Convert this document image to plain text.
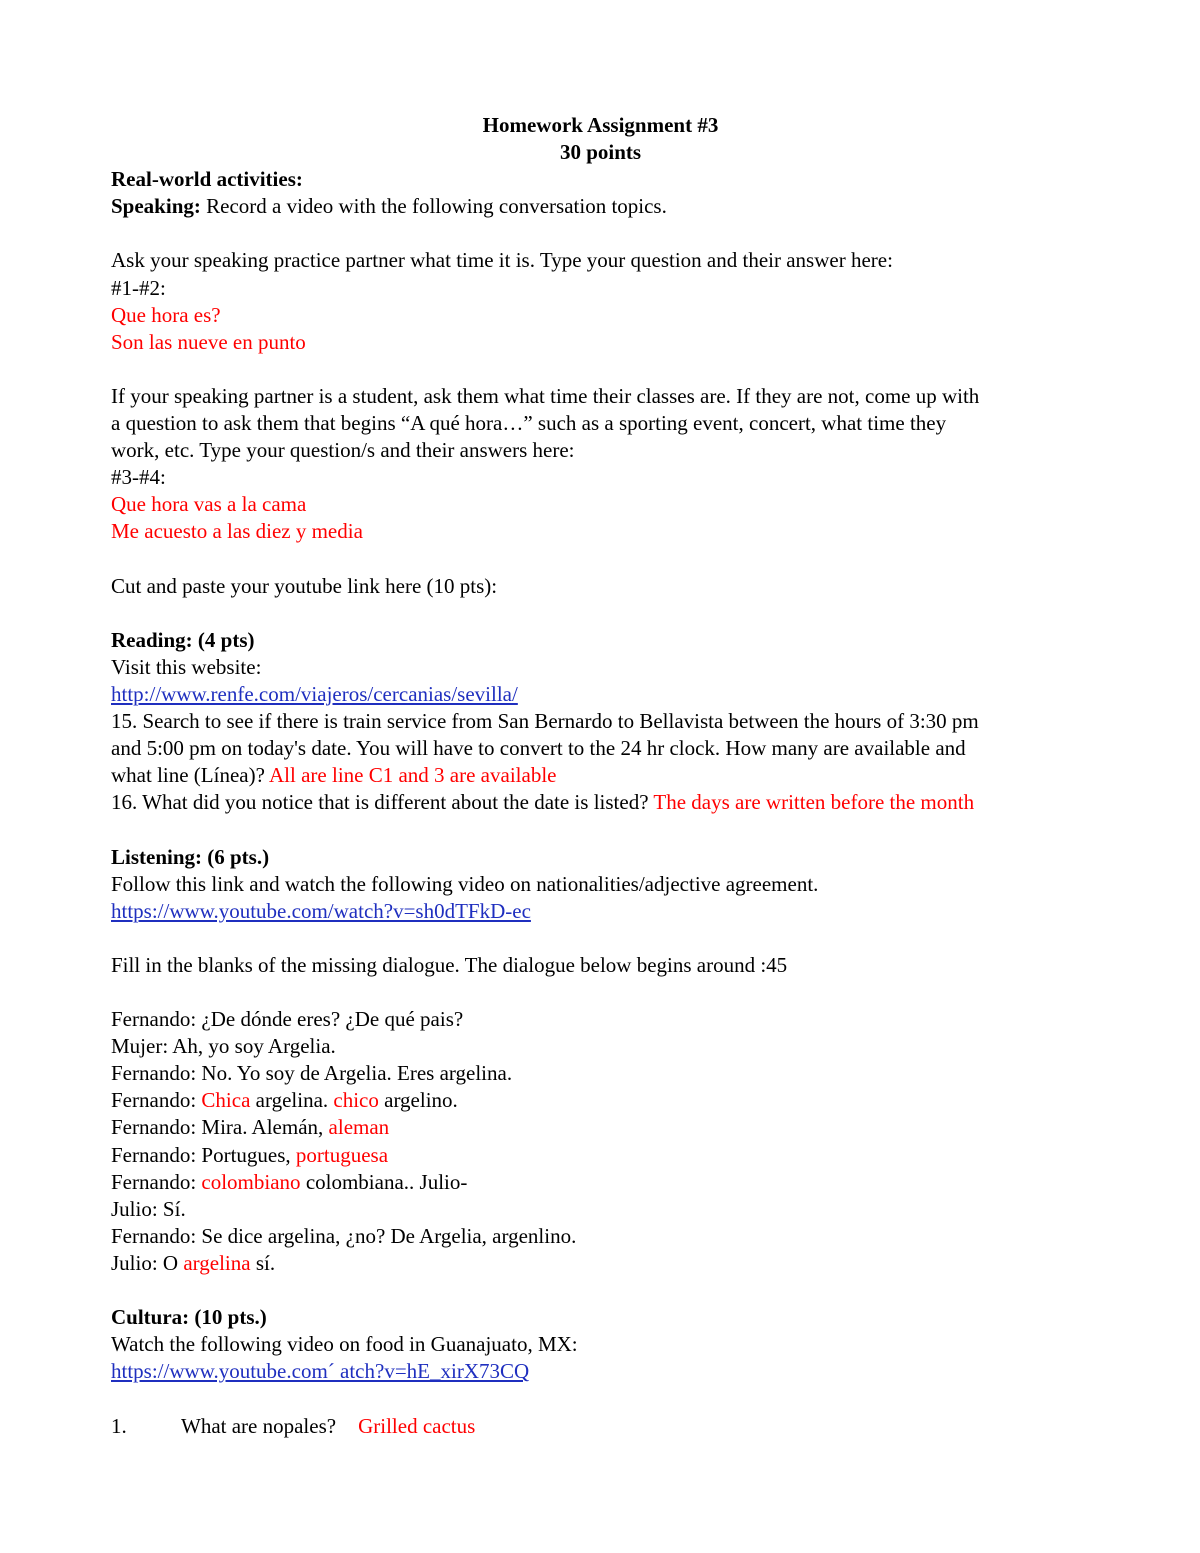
Homework Assignment #3
30 points
Real-world activities:
Speaking: Record a video with the following conversation topics.
Ask your speaking practice partner what time it is. Type your question and their answer here:
#1-#2:
Que hora es?
Son las nueve en punto
If your speaking partner is a student, ask them what time their classes are. If they are not, come up with
a question to ask them that begins “A qué hora…” such as a sporting event, concert, what time they
work, etc. Type your question/s and their answers here:
#3-#4:
Que hora vas a la cama
Me acuesto a las diez y media
Cut and paste your youtube link here (10 pts):
Reading: (4 pts)
Visit this website:
http://www.renfe.com/viajeros/cercanias/sevilla/
15. Search to see if there is train service from San Bernardo to Bellavista between the hours of 3:30 pm
and 5:00 pm on today's date. You will have to convert to the 24 hr clock. How many are available and
what line (Línea)? All are line C1 and 3 are available
16. What did you notice that is different about the date is listed? The days are written before the month
Listening: (6 pts.)
Follow this link and watch the following video on nationalities/adjective agreement.
https://www.youtube.com/watch?v=sh0dTFkD-ec
Fill in the blanks of the missing dialogue. The dialogue below begins around :45
Fernando: ¿De dónde eres? ¿De qué pais?
Mujer: Ah, yo soy Argelia.
Fernando: No. Yo soy de Argelia. Eres argelina.
Fernando: Chica argelina. chico argelino.
Fernando: Mira. Alemán, aleman
Fernando: Portugues, portuguesa
Fernando: colombiano colombiana.. Julio-
Julio: Sí.
Fernando: Se dice argelina, ¿no? De Argelia, argenlino.
Julio: O argelina sí.
Cultura: (10 pts.)
Watch the following video on food in Guanajuato, MX:
https://www.youtube.com´ atch?v=hE_xirX73CQ
1.	What are nopales? Grilled cactus
